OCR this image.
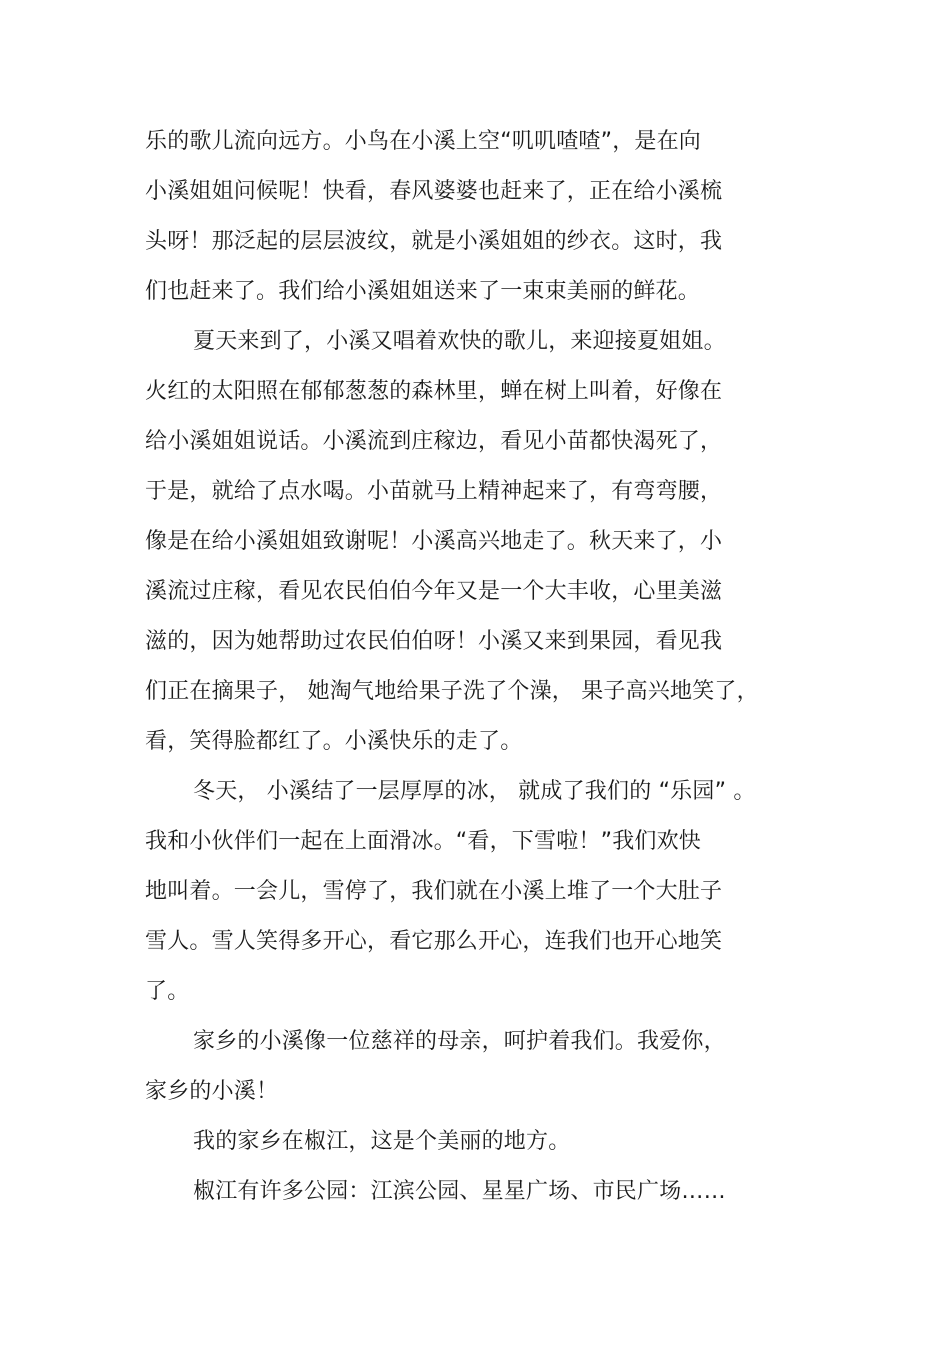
乐的歌儿流向远方。小鸟在小溪上空“叽叽喳喳”，是在向
小溪姐姐问候呢！快看，春风婆婆也赶来了，正在给小溪梳
头呀！那泛起的层层波纹，就是小溪姐姐的纱衣。这时，我
们也赶来了。我们给小溪姐姐送来了一束束美丽的鲜花。
夏天来到了，小溪又唱着欢快的歌儿，来迎接夏姐姐。
火红的太阳照在郁郁葱葱的森林里，蝉在树上叫着，好像在
给小溪姐姐说话。小溪流到庄稼边，看见小苗都快渴死了，
于是，就给了点水喝。小苗就马上精神起来了，有弯弯腰，
像是在给小溪姐姐致谢呢！小溪高兴地走了。秋天来了，小
溪流过庄稼，看见农民伯伯今年又是一个大丰收，心里美滋
滋的，因为她帮助过农民伯伯呀！小溪又来到果园，看见我
们正在摘果子， 她淘气地给果子洗了个澡， 果子高兴地笑了，
看，笑得脸都红了。小溪快乐的走了。
冬天， 小溪结了一层厚厚的冰， 就成了我们的 “乐园” 。
我和小伙伴们一起在上面滑冰。“看，下雪啦！”我们欢快
地叫着。一会儿，雪停了，我们就在小溪上堆了一个大肚子
雪人。雪人笑得多开心，看它那么开心，连我们也开心地笑
了。
家乡的小溪像一位慈祥的母亲，呵护着我们。我爱你，
家乡的小溪！
我的家乡在椒江，这是个美丽的地方。
椒江有许多公园：江滨公园、星星广场、市民广场……
